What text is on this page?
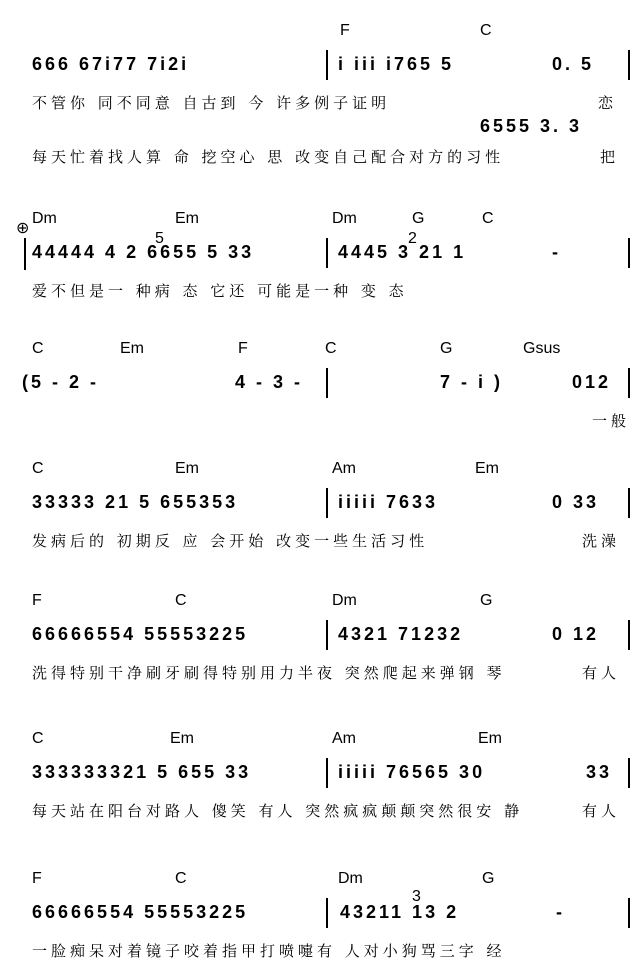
F	C
666 67i77 7i2i	i iii i765 5	0. 5
不管你 同不同意 自古到 今 许多例子证明	恋
6555 3. 3
每天忙着找人算 命 挖空心 思 改变自己配合对方的习性	把
Dm	Em	Dm	G	C
44444 4 2 6655 5 33	4445 3 21 1	-
爱不但是一 种病 态 它还 可能是一种 变 态
C	Em	F	C	G	Gsus
(5 - 2 -	4 - 3 -	7 - i )	012
一般
C	Em	Am	Em
33333 21 5 655353	iiiii 7633	0 33
发病后的 初期反 应 会开始 改变一些生活习性	洗澡
F	C	Dm	G
66666554 55553225	4321 71232	0 12
洗得特别干净刷牙刷得特别用力半夜 突然爬起来弹钢 琴	有人
C	Em	Am	Em
333333321 5 655 33	iiiii 76565 30	33
每天站在阳台对路人 傻笑 有人 突然疯疯颠颠突然很安 静	有人
F	C	Dm	G
66666554 55553225	43211 13 2	-
一脸痴呆对着镜子咬着指甲打喷嚏有 人对小狗骂三字 经
⊕
3
5	2
